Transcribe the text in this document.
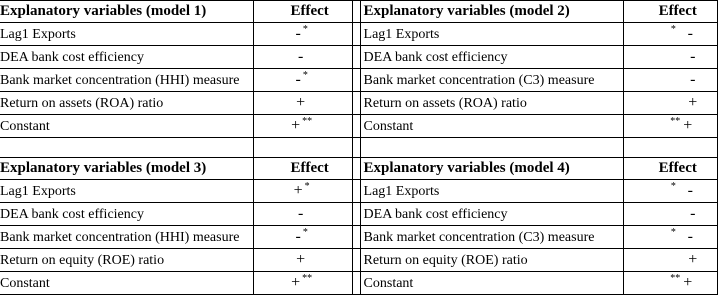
Explanatory variables (model 1)	Effect		Explanatory variables (model 2)	Effect
Lag1 Exports	- *		Lag1 Exports	-*
DEA bank cost efficiency	-		DEA bank cost efficiency	-
Bank market concentration (HHI) measure	- *		Bank market concentration (C3) measure	-
Return on assets (ROA) ratio	+		Return on assets (ROA) ratio	+
Constant	+ **		Constant	+**

Explanatory variables (model 3)	Effect		Explanatory variables (model 4)	Effect
Lag1 Exports	+ *		Lag1 Exports	-*
DEA bank cost efficiency	-		DEA bank cost efficiency	-
Bank market concentration (HHI) measure	- *		Bank market concentration (C3) measure	-*
Return on equity (ROE) ratio	+		Return on equity (ROE) ratio	+
Constant	+ **		Constant	+**
